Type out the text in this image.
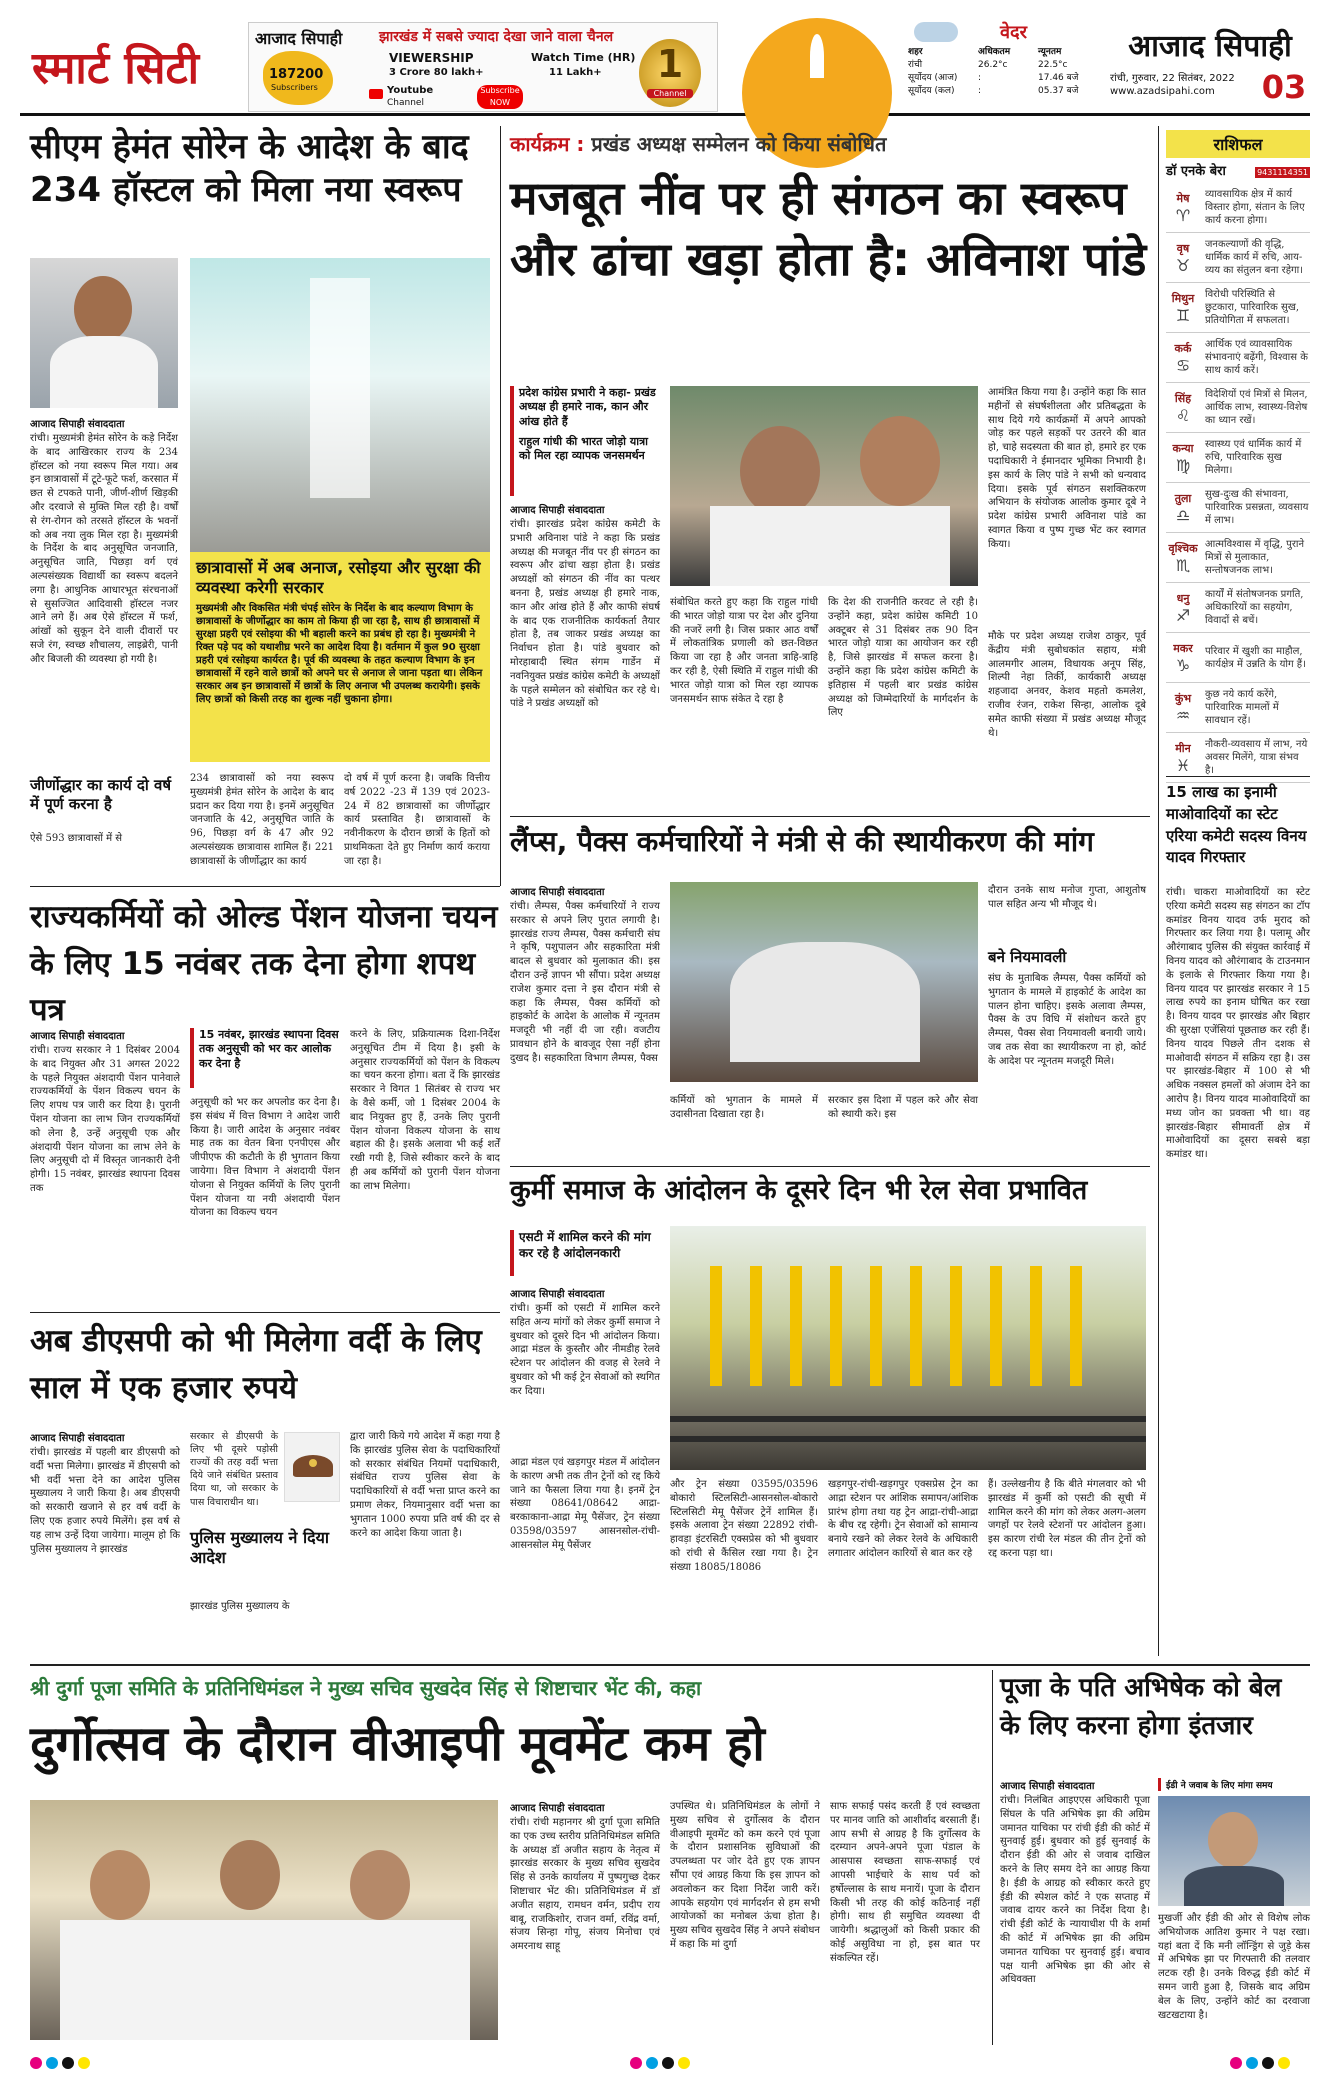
स्मार्ट सिटी
आजाद सिपाही
187200
Subscribers
झारखंड में सबसे ज्यादा देखा जाने वाला चैनल
VIEWERSHIP
3 Crore 80 lakh+
Watch Time (HR)
11 Lakh+
Youtube
Channel
Subscribe
NOW
1
Channel
वेदर
शहर	अधिकतम	न्यूनतम
रांची	26.2°c	22.5°c
सूर्योदय (आज)	:	17.46 बजे
सूर्योदय (कल)	:	05.37 बजे
आजाद सिपाही
रांची, गुरुवार, 22 सितंबर, 2022
www.azadsipahi.com	03
सीएम हेमंत सोरेन के आदेश के बाद 234 हॉस्टल को मिला नया स्वरूप
आजाद सिपाही संवाददाता
रांची। मुख्यमंत्री हेमंत सोरेन के कड़े निर्देश के बाद आखिरकार राज्य के 234 हॉस्टल को नया स्वरूप मिल गया। अब इन छात्रावासों में टूटे-फूटे फर्श, करसात में छत से टपकते पानी, जीर्ण-शीर्ण खिड़की और दरवाजे से मुक्ति मिल रही है। वर्षों से रंग-रोगन को तरसते हॉस्टल के भवनों को अब नया लुक मिल रहा है। मुख्यमंत्री के निर्देश के बाद अनुसूचित जनजाति, अनुसूचित जाति, पिछड़ा वर्ग एवं अल्पसंख्यक विद्यार्थी का स्वरूप बदलने लगा है। आधुनिक आधारभूत संरचनाओं से सुसज्जित आदिवासी हॉस्टल नजर आने लगे हैं। अब ऐसे हॉस्टल में फर्श, आंखों को सुकून देने वाली दीवारों पर सजे रंग, स्वच्छ शौचालय, लाइब्रेरी, पानी और बिजली की व्यवस्था हो गयी है।
जीर्णोद्धार का कार्य दो वर्ष में पूर्ण करना है
ऐसे 593 छात्रावासों में से
छात्रावासों में अब अनाज, रसोइया और सुरक्षा की व्यवस्था करेगी सरकार
मुख्यमंत्री और विकसित मंत्री चंपई सोरेन के निर्देश के बाद कल्याण विभाग के छात्रावासों के जीर्णोद्धार का काम तो किया ही जा रहा है, साथ ही छात्रावासों में सुरक्षा प्रहरी एवं रसोइया की भी बहाली करने का प्रबंध हो रहा है। मुख्यमंत्री ने रिक्त पड़े पद को यथाशीघ्र भरने का आदेश दिया है। वर्तमान में कुल 90 सुरक्षा प्रहरी एवं रसोइया कार्यरत है। पूर्व की व्यवस्था के तहत कल्याण विभाग के इन छात्रावासों में रहने वाले छात्रों को अपने घर से अनाज ले जाना पड़ता था। लेकिन सरकार अब इन छात्रावासों में छात्रों के लिए अनाज भी उपलब्ध करायेगी। इसके लिए छात्रों को किसी तरह का शुल्क नहीं चुकाना होगा।
234 छात्रावासों को नया स्वरूप मुख्यमंत्री हेमंत सोरेन के आदेश के बाद प्रदान कर दिया गया है। इनमें अनुसूचित जनजाति के 42, अनुसूचित जाति के 96, पिछड़ा वर्ग के 47 और 92 अल्पसंख्यक छात्रावास शामिल हैं। 221 छात्रावासों के जीर्णोद्धार का कार्य
दो वर्ष में पूर्ण करना है। जबकि वित्तीय वर्ष 2022 -23 में 139 एवं 2023-24 में 82 छात्रावासों का जीर्णोद्धार कार्य प्रस्तावित है। छात्रावासों के नवीनीकरण के दौरान छात्रों के हितों को प्राथमिकता देते हुए निर्माण कार्य कराया जा रहा है।
कार्यक्रम : प्रखंड अध्यक्ष सम्मेलन को किया संबोधित
मजबूत नींव पर ही संगठन का स्वरूप और ढांचा खड़ा होता है: अविनाश पांडे
प्रदेश कांग्रेस प्रभारी ने कहा- प्रखंड अध्यक्ष ही हमारे नाक, कान और आंख होते हैं
राहुल गांधी की भारत जोड़ो यात्रा को मिल रहा व्यापक जनसमर्थन
आजाद सिपाही संवाददाता
रांची। झारखंड प्रदेश कांग्रेस कमेटी के प्रभारी अविनाश पांडे ने कहा कि प्रखंड अध्यक्ष की मजबूत नींव पर ही संगठन का स्वरूप और ढांचा खड़ा होता है। प्रखंड अध्यक्षों को संगठन की नींव का पत्थर बनना है, प्रखंड अध्यक्ष ही हमारे नाक, कान और आंख होते हैं और काफी संघर्ष के बाद एक राजनीतिक कार्यकर्ता तैयार होता है, तब जाकर प्रखंड अध्यक्ष का निर्वाचन होता है। पांडे बुधवार को मोरहाबादी स्थित संगम गार्डेन में नवनियुक्त प्रखंड कांग्रेस कमेटी के अध्यक्षों के पहले सम्मेलन को संबोधित कर रहे थे। पांडे ने प्रखंड अध्यक्षों को
संबोधित करते हुए कहा कि राहुल गांधी की भारत जोड़ो यात्रा पर देश और दुनिया की नजरें लगी है। जिस प्रकार आठ वर्षों में लोकतांत्रिक प्रणाली को छत-विछत किया जा रहा है और जनता त्राहि-त्राहि कर रही है, ऐसी स्थिति में राहुल गांधी की भारत जोड़ो यात्रा को मिल रहा व्यापक जनसमर्थन साफ संकेत दे रहा है
कि देश की राजनीति करवट ले रही है। उन्होंने कहा, प्रदेश कांग्रेस कमिटी 10 अक्टूबर से 31 दिसंबर तक 90 दिन भारत जोड़ो यात्रा का आयोजन कर रही है, जिसे झारखंड में सफल करना है। उन्होंने कहा कि प्रदेश कांग्रेस कमिटी के इतिहास में पहली बार प्रखंड कांग्रेस अध्यक्ष को जिम्मेदारियों के मार्गदर्शन के लिए
आमंत्रित किया गया है। उन्होंने कहा कि सात महीनों से संघर्षशीलता और प्रतिबद्धता के साथ दिये गये कार्यक्रमों में अपने आपको जोड़ कर पहले सड़कों पर उतरने की बात हो, चाहे सदस्यता की बात हो, हमारे हर एक पदाधिकारी ने ईमानदार भूमिका निभायी है। इस कार्य के लिए पांडे ने सभी को धन्यवाद दिया। इसके पूर्व संगठन सशक्तिकरण अभियान के संयोजक आलोक कुमार दूबे ने प्रदेश कांग्रेस प्रभारी अविनाश पांडे का स्वागत किया व पुष्प गुच्छ भेंट कर स्वागत किया।
मौके पर प्रदेश अध्यक्ष राजेश ठाकुर, पूर्व केंद्रीय मंत्री सुबोधकांत सहाय, मंत्री आलमगीर आलम, विधायक अनूप सिंह, शिल्पी नेहा तिर्की, कार्यकारी अध्यक्ष शहजादा अनवर, केशव महतो कमलेश, राजीव रंजन, राकेश सिन्हा, आलोक दूबे समेत काफी संख्या में प्रखंड अध्यक्ष मौजूद थे।
लैंप्स, पैक्स कर्मचारियों ने मंत्री से की स्थायीकरण की मांग
आजाद सिपाही संवाददाता
रांची। लैम्पस, पैक्स कर्मचारियों ने राज्य सरकार से अपने लिए पुरात लगायी है। झारखंड राज्य लैम्पस, पैक्स कर्मचारी संघ ने कृषि, पशुपालन और सहकारिता मंत्री बादल से बुधवार को मुलाकात की। इस दौरान उन्हें ज्ञापन भी सौंपा। प्रदेश अध्यक्ष राजेश कुमार दत्ता ने इस दौरान मंत्री से कहा कि लैम्पस, पैक्स कर्मियों को हाइकोर्ट के आदेश के आलोक में न्यूनतम मजदूरी भी नहीं दी जा रही। वजटीय प्रावधान होने के बावजूद ऐसा नहीं होना दुखद है। सहकारिता विभाग लैम्पस, पैक्स
कर्मियों को भुगतान के मामले में उदासीनता दिखाता रहा है।
सरकार इस दिशा में पहल करे और सेवा को स्थायी करे। इस
दौरान उनके साथ मनोज गुप्ता, आशुतोष पाल सहित अन्य भी मौजूद थे।
बने नियमावली
संघ के मुताबिक लैम्पस, पैक्स कर्मियों को भुगतान के मामले में हाइकोर्ट के आदेश का पालन होना चाहिए। इसके अलावा लैम्पस, पैक्स के उप विधि में संशोधन करते हुए लैम्पस, पैक्स सेवा नियमावली बनायी जाये। जब तक सेवा का स्थायीकरण ना हो, कोर्ट के आदेश पर न्यूनतम मजदूरी मिले।
कुर्मी समाज के आंदोलन के दूसरे दिन भी रेल सेवा प्रभावित
एसटी में शामिल करने की मांग कर रहे है आंदोलनकारी
आजाद सिपाही संवाददाता
रांची। कुर्मी को एसटी में शामिल करने सहित अन्य मांगों को लेकर कुर्मी समाज ने बुधवार को दूसरे दिन भी आंदोलन किया। आद्रा मंडल के कुस्तौर और नीमडीह रेलवे स्टेशन पर आंदोलन की वजह से रेलवे ने बुधवार को भी कई ट्रेन सेवाओं को स्थगित कर दिया।
आद्रा मंडल एवं खड़गपुर मंडल में आंदोलन के कारण अभी तक तीन ट्रेनों को रद्द किये जाने का फैसला लिया गया है। इनमें ट्रेन संख्या 08641/08642 आद्रा-बरकाकाना-आद्रा मेमू पैसेंजर, ट्रेन संख्या 03598/03597 आसनसोल-रांची-आसनसोल मेमू पैसेंजर
और ट्रेन संख्या 03595/03596 बोकारो स्टिलसिटी-आसनसोल-बोकारो स्टिलसिटी मेमू पैसेंजर ट्रेनें शामिल हैं। इसके अलावा ट्रेन संख्या 22892 रांची-हावड़ा इंटरसिटी एक्सप्रेस को भी बुधवार को रांची से कैंसिल रखा गया है। ट्रेन संख्या 18085/18086
खड़गपुर-रांची-खड़गपुर एक्सप्रेस ट्रेन का आद्रा स्टेशन पर आंशिक समापन/आंशिक प्रारंभ होगा तथा यह ट्रेन आद्रा-रांची-आद्रा के बीच रद्द रहेगी। ट्रेन सेवाओं को सामान्य बनाये रखने को लेकर रेलवे के अधिकारी लगातार आंदोलन कारियों से बात कर रहे
हैं। उल्लेखनीय है कि बीते मंगलवार को भी झारखंड में कुर्मी को एसटी की सूची में शामिल करने की मांग को लेकर अलग-अलग जगहों पर रेलवे स्टेशनों पर आंदोलन हुआ। इस कारण रांची रेल मंडल की तीन ट्रेनों को रद्द करना पड़ा था।
राज्यकर्मियों को ओल्ड पेंशन योजना चयन के लिए 15 नवंबर तक देना होगा शपथ पत्र
आजाद सिपाही संवाददाता
रांची। राज्य सरकार ने 1 दिसंबर 2004 के बाद नियुक्त और 31 अगस्त 2022 के पहले नियुक्त अंशदायी पेंशन पानेवाले राज्यकर्मियों के पेंशन विकल्प चयन के लिए शपथ पत्र जारी कर दिया है। पुरानी पेंशन योजना का लाभ जिन राज्यकर्मियों को लेना है, उन्हें अनुसूची एक और अंशदायी पेंशन योजना का लाभ लेने के लिए अनुसूची दो में विस्तृत जानकारी देनी होगी। 15 नवंबर, झारखंड स्थापना दिवस तक
15 नवंबर, झारखंड स्थापना दिवस तक अनुसूची को भर कर आलोक कर देना है
अनुसूची को भर कर अपलोड कर देना है। इस संबंध में वित्त विभाग ने आदेश जारी किया है। जारी आदेश के अनुसार नवंबर माह तक का वेतन बिना एनपीएस और जीपीएफ की कटौती के ही भुगतान किया जायेगा। वित्त विभाग ने अंशदायी पेंशन योजना से नियुक्त कर्मियों के लिए पुरानी पेंशन योजना या नयी अंशदायी पेंशन योजना का विकल्प चयन
करने के लिए, प्रक्रियात्मक दिशा-निर्देश अनुसूचित टीम में दिया है। इसी के अनुसार राज्यकर्मियों को पेंशन के विकल्प का चयन करना होगा। बता दें कि झारखंड सरकार ने विगत 1 सितंबर से राज्य भर के वैसे कर्मी, जो 1 दिसंबर 2004 के बाद नियुक्त हुए हैं, उनके लिए पुरानी पेंशन योजना विकल्प योजना के साथ बहाल की है। इसके अलावा भी कई शर्तें रखी गयी है, जिसे स्वीकार करने के बाद ही अब कर्मियों को पुरानी पेंशन योजना का लाभ मिलेगा।
अब डीएसपी को भी मिलेगा वर्दी के लिए साल में एक हजार रुपये
आजाद सिपाही संवाददाता
रांची। झारखंड में पहली बार डीएसपी को वर्दी भत्ता मिलेगा। झारखंड में डीएसपी को भी वर्दी भत्ता देने का आदेश पुलिस मुख्यालय ने जारी किया है। अब डीएसपी को सरकारी खजाने से हर वर्ष वर्दी के लिए एक हजार रुपये मिलेंगे। इस वर्ष से यह लाभ उन्हें दिया जायेगा। मालूम हो कि पुलिस मुख्यालय ने झारखंड
सरकार से डीएसपी के लिए भी दूसरे पड़ोसी राज्यों की तरह वर्दी भत्ता दिये जाने संबंधित प्रस्ताव दिया था, जो सरकार के पास विचाराधीन था।
पुलिस मुख्यालय ने दिया आदेश
झारखंड पुलिस मुख्यालय के
द्वारा जारी किये गये आदेश में कहा गया है कि झारखंड पुलिस सेवा के पदाधिकारियों को सरकार संबंधित नियमों पदाधिकारी, संबंधित राज्य पुलिस सेवा के पदाधिकारियों से वर्दी भत्ता प्राप्त करने का प्रमाण लेकर, नियमानुसार वर्दी भत्ता का भुगतान 1000 रुपया प्रति वर्ष की दर से करने का आदेश किया जाता है।
राशिफल
डॉ एनके बेरा	9431114351
मेष
♈
व्यावसायिक क्षेत्र में कार्य विस्तार होगा, संतान के लिए कार्य करना होगा।
वृष
♉
जनकल्याणों की वृद्धि, धार्मिक कार्य में रुचि, आय-व्यय का संतुलन बना रहेगा।
मिथुन
♊
विरोधी परिस्थिति से छुटकारा, पारिवारिक सुख, प्रतियोगिता में सफलता।
कर्क
♋
आर्थिक एवं व्यावसायिक संभावनाएं बढ़ेंगी, विश्वास के साथ कार्य करें।
सिंह
♌
विदेशियों एवं मित्रों से मिलन, आर्थिक लाभ, स्वास्थ्य-विशेष का ध्यान रखें।
कन्या
♍
स्वास्थ्य एवं धार्मिक कार्य में रुचि, पारिवारिक सुख मिलेगा।
तुला
♎
सुख-दुःख की संभावना, पारिवारिक प्रसन्नता, व्यवसाय में लाभ।
वृश्चिक
♏
आत्मविश्वास में वृद्धि, पुराने मित्रों से मुलाकात, सन्तोषजनक लाभ।
धनु
♐
कार्यों में संतोषजनक प्रगति, अधिकारियों का सहयोग, विवादों से बचें।
मकर
♑
परिवार में खुशी का माहौल, कार्यक्षेत्र में उन्नति के योग हैं।
कुंभ
♒
कुछ नये कार्य करेंगे, पारिवारिक मामलों में सावधान रहें।
मीन
♓
नौकरी-व्यवसाय में लाभ, नये अवसर मिलेंगे, यात्रा संभव है।
15 लाख का इनामी माओवादियों का स्टेट एरिया कमेटी सदस्य विनय यादव गिरफ्तार
रांची। चाकरा माओवादियों का स्टेट एरिया कमेटी सदस्य सह संगठन का टॉप कमांडर विनय यादव उर्फ मुराद को गिरफ्तार कर लिया गया है। पलामू और औरंगाबाद पुलिस की संयुक्त कार्रवाई में विनय यादव को औरंगाबाद के टाउनमान के इलाके से गिरफ्तार किया गया है। विनय यादव पर झारखंड सरकार ने 15 लाख रुपये का इनाम घोषित कर रखा है। विनय यादव पर झारखंड और बिहार की सुरक्षा एजेंसियां पूछताछ कर रही हैं। विनय यादव पिछले तीन दशक से माओवादी संगठन में सक्रिय रहा है। उस पर झारखंड-बिहार में 100 से भी अधिक नक्सल हमलों को अंजाम देने का आरोप है। विनय यादव माओवादियों का मध्य जोन का प्रवक्ता भी था। वह झारखंड-बिहार सीमावर्ती क्षेत्र में माओवादियों का दूसरा सबसे बड़ा कमांडर था।
श्री दुर्गा पूजा समिति के प्रतिनिधिमंडल ने मुख्य सचिव सुखदेव सिंह से शिष्टाचार भेंट की, कहा
दुर्गोत्सव के दौरान वीआइपी मूवमेंट कम हो
आजाद सिपाही संवाददाता
रांची। रांची महानगर श्री दुर्गा पूजा समिति का एक उच्च स्तरीय प्रतिनिधिमंडल समिति के अध्यक्ष डॉ अजीत सहाय के नेतृत्व में झारखंड सरकार के मुख्य सचिव सुखदेव सिंह से उनके कार्यालय में पुष्पगुच्छ देकर शिष्टाचार भेंट की। प्रतिनिधिमंडल में डॉ अजीत सहाय, रामधन वर्मन, प्रदीप राय बाबू, राजकिशोर, राजन वर्मा, रविंद्र वर्मा, संजय सिन्हा गोपू, संजय मिनोचा एवं अमरनाथ साहू
उपस्थित थे। प्रतिनिधिमंडल के लोगों ने मुख्य सचिव से दुर्गोत्सव के दौरान वीआइपी मूवमेंट को कम करने एवं पूजा के दौरान प्रशासनिक सुविधाओं की उपलब्धता पर जोर देते हुए एक ज्ञापन सौंपा एवं आग्रह किया कि इस ज्ञापन को अवलोकन कर दिशा निर्देश जारी करें। आपके सहयोग एवं मार्गदर्शन से हम सभी आयोजकों का मनोबल ऊंचा होता है। मुख्य सचिव सुखदेव सिंह ने अपने संबोधन में कहा कि मां दुर्गा
साफ सफाई पसंद करती हैं एवं स्वच्छता पर मानव जाति को आशीर्वाद बरसाती हैं। आप सभी से आग्रह है कि दुर्गोत्सव के दरम्यान अपने-अपने पूजा पंडाल के आसपास स्वच्छता साफ-सफाई एवं आपसी भाईचारे के साथ पर्व को हर्षोल्लास के साथ मनायें। पूजा के दौरान किसी भी तरह की कोई कठिनाई नहीं होगी। साथ ही समुचित व्यवस्था दी जायेगी। श्रद्धालुओं को किसी प्रकार की कोई असुविधा ना हो, इस बात पर संकल्पित रहें।
पूजा के पति अभिषेक को बेल के लिए करना होगा इंतजार
आजाद सिपाही संवाददाता
रांची। निलंबित आइएएस अधिकारी पूजा सिंघल के पति अभिषेक झा की अग्रिम जमानत याचिका पर रांची ईडी की कोर्ट में सुनवाई हुई। बुधवार को हुई सुनवाई के दौरान ईडी की ओर से जवाब दाखिल करने के लिए समय देने का आग्रह किया है। ईडी के आग्रह को स्वीकार करते हुए ईडी की स्पेशल कोर्ट ने एक सप्ताह में जवाब दायर करने का निर्देश दिया है। रांची ईडी कोर्ट के न्यायाधीश पी के शर्मा की कोर्ट में अभिषेक झा की अग्रिम जमानत याचिका पर सुनवाई हुई। बचाव पक्ष यानी अभिषेक झा की ओर से अधिवक्ता
ईडी ने जवाब के लिए मांगा समय
मुखर्जी और ईडी की ओर से विशेष लोक अभियोजक आतिश कुमार ने पक्ष रखा। यहां बता दें कि मनी लॉन्ड्रिंग से जुड़े केस में अभिषेक झा पर गिरफ्तारी की तलवार लटक रही है। उनके विरुद्ध ईडी कोर्ट में समन जारी हुआ है, जिसके बाद अग्रिम बेल के लिए, उन्होंने कोर्ट का दरवाजा खटखटाया है।
